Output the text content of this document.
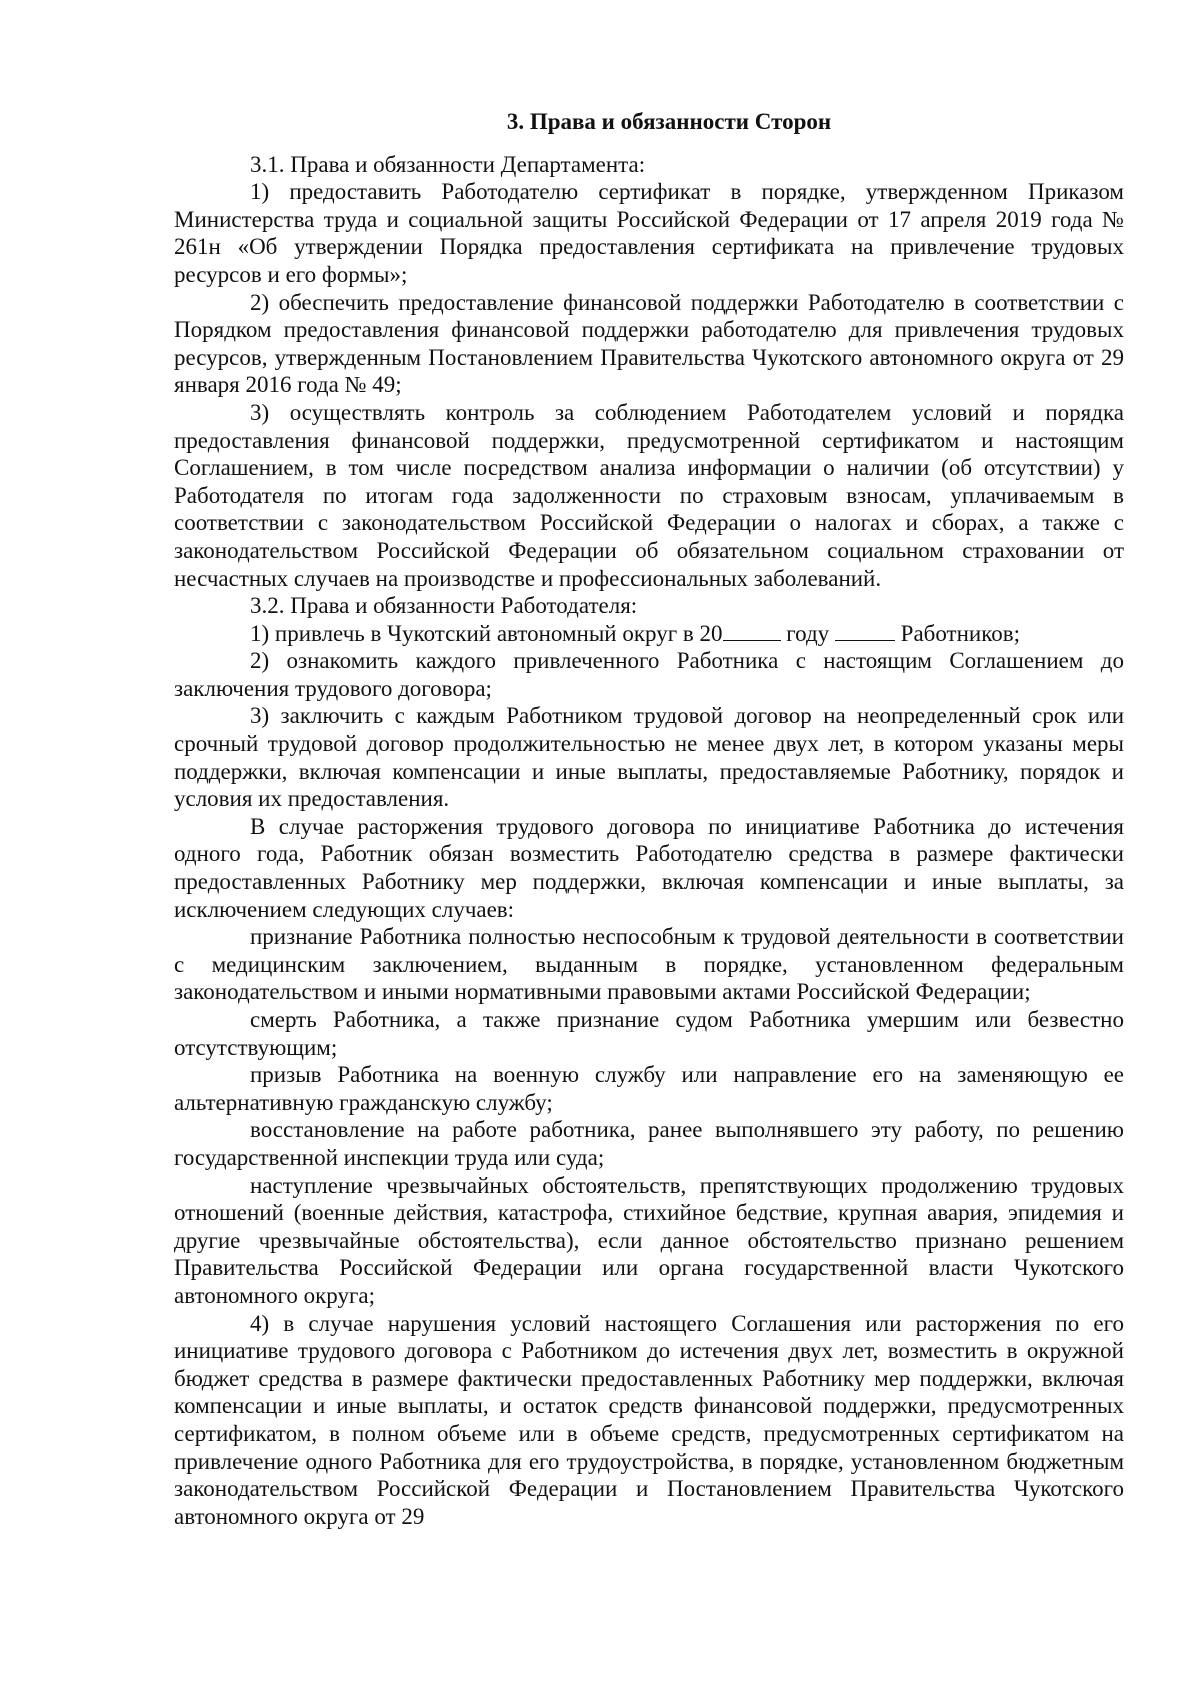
3. Права и обязанности Сторон

3.1. Права и обязанности Департамента:

1) предоставить Работодателю сертификат в порядке, утвержденном Приказом Министерства труда и социальной защиты Российской Федерации от 17 апреля 2019 года № 261н «Об утверждении Порядка предоставления сертификата на привлечение трудовых ресурсов и его формы»;

2) обеспечить предоставление финансовой поддержки Работодателю в соответствии с Порядком предоставления финансовой поддержки работодателю для привлечения трудовых ресурсов, утвержденным Постановлением Правительства Чукотского автономного округа от 29 января 2016 года № 49;

3) осуществлять контроль за соблюдением Работодателем условий и порядка предоставления финансовой поддержки, предусмотренной сертификатом и настоящим Соглашением, в том числе посредством анализа информации о наличии (об отсутствии) у Работодателя по итогам года задолженности по страховым взносам, уплачиваемым в соответствии с законодательством Российской Федерации о налогах и сборах, а также с законодательством Российской Федерации об обязательном социальном страховании от несчастных случаев на производстве и профессиональных заболеваний.

3.2. Права и обязанности Работодателя:

1) привлечь в Чукотский автономный округ в 20	году	Работников;

2) ознакомить каждого привлеченного Работника с настоящим Соглашением до заключения трудового договора;

3) заключить с каждым Работником трудовой договор на неопределенный срок или срочный трудовой договор продолжительностью не менее двух лет, в котором указаны меры поддержки, включая компенсации и иные выплаты, предоставляемые Работнику, порядок и условия их предоставления.

В случае расторжения трудового договора по инициативе Работника до истечения одного года, Работник обязан возместить Работодателю средства в размере фактически предоставленных Работнику мер поддержки, включая компенсации и иные выплаты, за исключением следующих случаев:

признание Работника полностью неспособным к трудовой деятельности в соответствии с медицинским заключением, выданным в порядке, установленном федеральным законодательством и иными нормативными правовыми актами Российской Федерации;

смерть Работника, а также признание судом Работника умершим или безвестно отсутствующим;

призыв Работника на военную службу или направление его на заменяющую ее альтернативную гражданскую службу;

восстановление на работе работника, ранее выполнявшего эту работу, по решению государственной инспекции труда или суда;

наступление чрезвычайных обстоятельств, препятствующих продолжению трудовых отношений (военные действия, катастрофа, стихийное бедствие, крупная авария, эпидемия и другие чрезвычайные обстоятельства), если данное обстоятельство признано решением Правительства Российской Федерации или органа государственной власти Чукотского автономного округа;

4) в случае нарушения условий настоящего Соглашения или расторжения по его инициативе трудового договора с Работником до истечения двух лет, возместить в окружной бюджет средства в размере фактически предоставленных Работнику мер поддержки, включая компенсации и иные выплаты, и остаток средств финансовой поддержки, предусмотренных сертификатом, в полном объеме или в объеме средств, предусмотренных сертификатом на привлечение одного Работника для его трудоустройства, в порядке, установленном бюджетным законодательством Российской Федерации и Постановлением Правительства Чукотского автономного округа от 29
